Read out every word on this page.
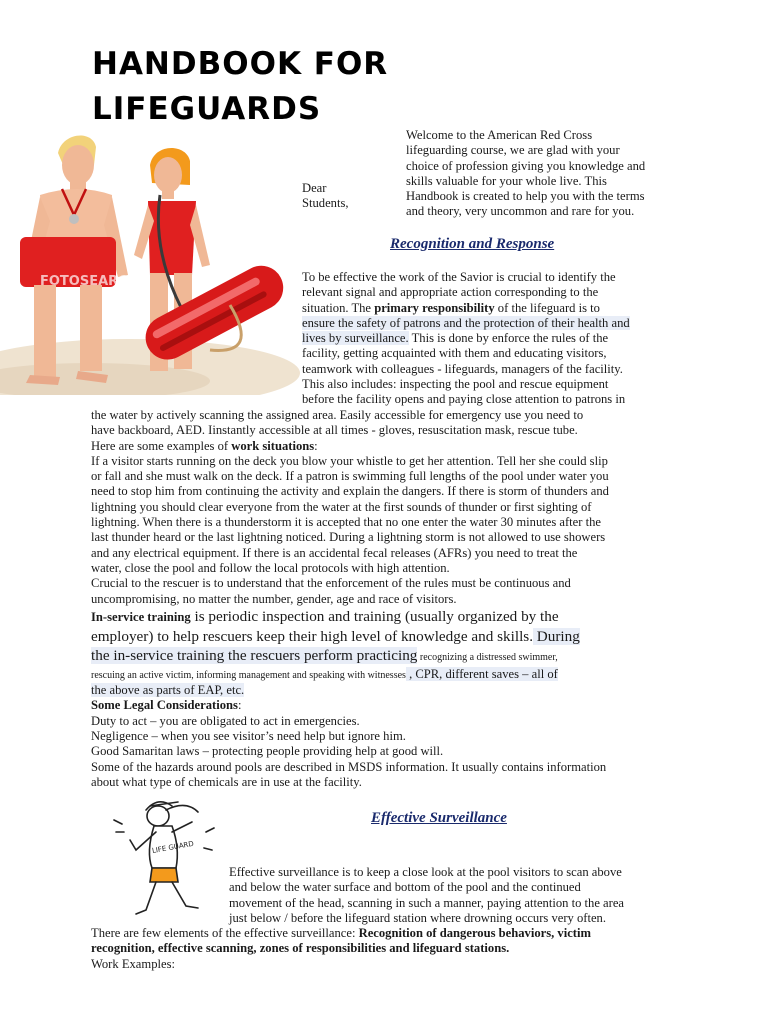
HANDBOOK FOR
LIFEGUARDS
FOTOSEARCH

Dear

Students,

Welcome to the American Red Cross

lifeguarding course, we are glad with your

choice of profession giving you knowledge and

skills valuable for your whole live. This

Handbook is created to help you with the terms

and theory, very uncommon and rare for you.

Recognition and Response

To be effective the work of the Savior is crucial to identify the

relevant signal and appropriate action corresponding to the

situation. The primary responsibility of the lifeguard is to

ensure the safety of patrons and the protection of their health and

lives by surveillance. This is done by enforce the rules of the

facility, getting acquainted with them and educating visitors,

teamwork with colleagues - lifeguards, managers of the facility.

This also includes: inspecting the pool and rescue equipment

before the facility opens and paying close attention to patrons in

the water by actively scanning the assigned area. Easily accessible for emergency use you need to

have backboard, AED. Iinstantly accessible at all times - gloves, resuscitation mask, rescue tube.

Here are some examples of work situations:

If a visitor starts running on the deck you blow your whistle to get her attention. Tell her she could slip

or fall and she must walk on the deck. If a patron is swimming full lengths of the pool under water you

need to stop him from continuing the activity and explain the dangers. If there is storm of thunders and

lightning you should clear everyone from the water at the first sounds of thunder or first sighting of

lightning. When there is a thunderstorm it is accepted that no one enter the water 30 minutes after the

last thunder heard or the last lightning noticed. During a lightning storm is not allowed to use showers

and any electrical equipment. If there is an accidental fecal releases (AFRs) you need to treat the

water, close the pool and follow the local protocols with high attention.

Crucial to the rescuer is to understand that the enforcement of the rules must be continuous and

uncompromising, no matter the number, gender, age and race of visitors.

In-service training is periodic inspection and training (usually organized by the

employer) to help rescuers keep their high level of knowledge and skills. During

the in-service training the rescuers perform practicing recognizing a distressed swimmer,

rescuing an active victim, informing management and speaking with witnesses , CPR, different saves – all of

the above as parts of EAP, etc.

Some Legal Considerations:

Duty to act – you are obligated to act in emergencies.

Negligence – when you see visitor’s need help but ignore him.

Good Samaritan laws – protecting people providing help at good will.

Some of the hazards around pools are described in MSDS information. It usually contains information

about what type of chemicals are in use at the facility.

LIFE GUARD
Effective Surveillance

Effective surveillance is to keep a close look at the pool visitors to scan above

and below the water surface and bottom of the pool and the continued

movement of the head, scanning in such a manner, paying attention to the area

just below / before the lifeguard station where drowning occurs very often.

There are few elements of the effective surveillance: Recognition of dangerous behaviors, victim

recognition, effective scanning, zones of responsibilities and lifeguard stations.

Work Examples:
